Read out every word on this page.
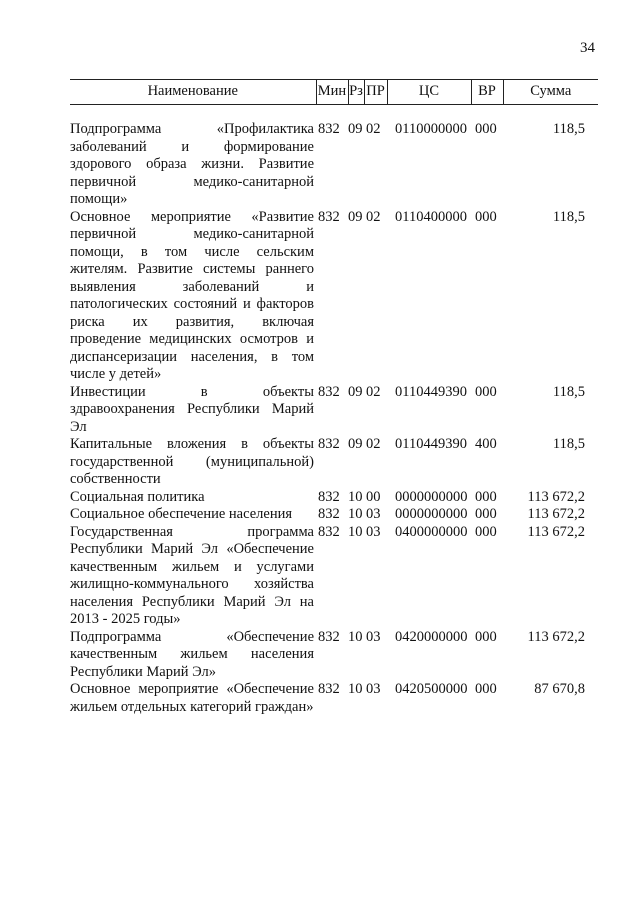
34
Наименование	Мин	Рз	ПР	ЦС	ВР	Сумма

Подпрограмма «Профилактика заболеваний и формирование здорового образа жизни. Развитие первичной медико-санитарной помощи»	832	09	02	0110000000	000	118,5
Основное мероприятие «Развитие первичной медико-санитарной помощи, в том числе сельским жителям. Развитие системы раннего выявления заболеваний и патологических состояний и факторов риска их развития, включая проведение медицинских осмотров и диспансеризации населения, в том числе у детей»	832	09	02	0110400000	000	118,5
Инвестиции в объекты здравоохранения Республики Марий Эл	832	09	02	0110449390	000	118,5
Капитальные вложения в объекты государственной (муниципальной) собственности	832	09	02	0110449390	400	118,5
Социальная политика	832	10	00	0000000000	000	113 672,2
Социальное обеспечение населения	832	10	03	0000000000	000	113 672,2
Государственная программа Республики Марий Эл «Обеспечение качественным жильем и услугами жилищно-коммунального хозяйства населения Республики Марий Эл на 2013 - 2025 годы»	832	10	03	0400000000	000	113 672,2
Подпрограмма «Обеспечение качественным жильем населения Республики Марий Эл»	832	10	03	0420000000	000	113 672,2
Основное мероприятие «Обеспечение жильем отдельных категорий граждан»	832	10	03	0420500000	000	87 670,8
